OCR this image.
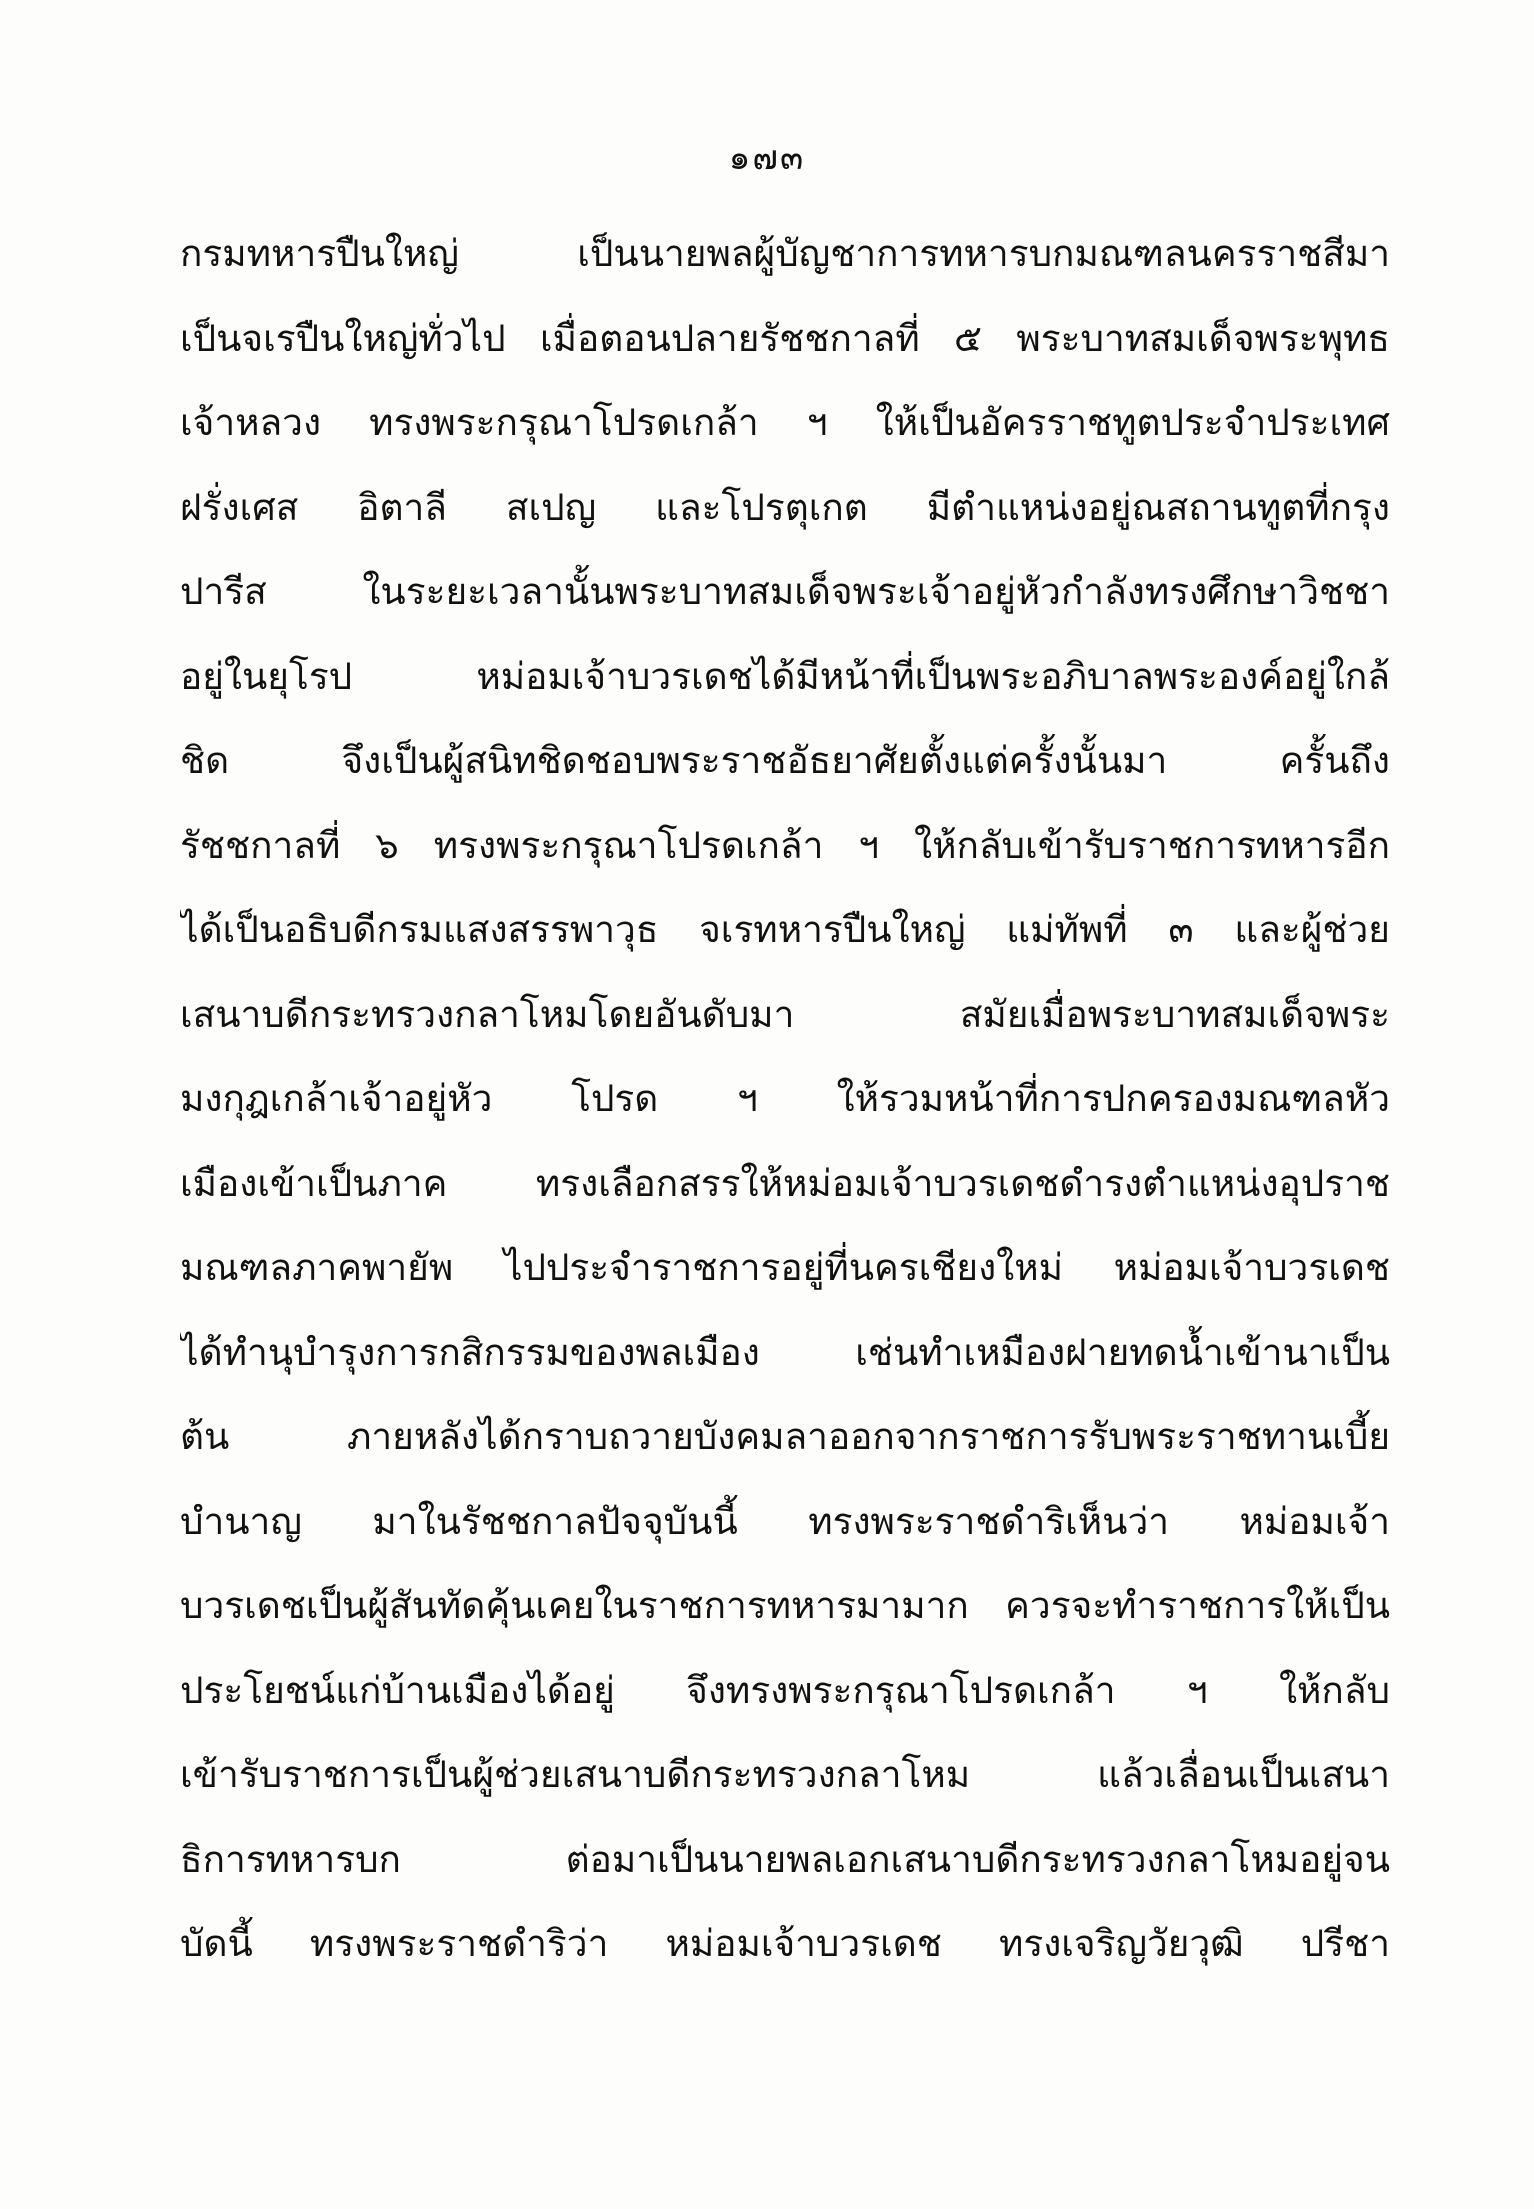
๑๗๓
กรมทหารปืนใหญ่ เป็นนายพลผู้บัญชาการทหารบกมณฑลนครราชสีมา
เป็นจเรปืนใหญ่ทั่วไป เมื่อตอนปลายรัชชกาลที่ ๕ พระบาทสมเด็จพระพุทธ
เจ้าหลวง ทรงพระกรุณาโปรดเกล้า ฯ ให้เป็นอัครราชทูตประจำประเทศ
ฝรั่งเศส อิตาลี สเปญ และโปรตุเกต มีตำแหน่งอยู่ณสถานทูตที่กรุง
ปารีส ในระยะเวลานั้นพระบาทสมเด็จพระเจ้าอยู่หัวกำลังทรงศึกษาวิชชา
อยู่ในยุโรป หม่อมเจ้าบวรเดชได้มีหน้าที่เป็นพระอภิบาลพระองค์อยู่ใกล้
ชิด จึงเป็นผู้สนิทชิดชอบพระราชอัธยาศัยตั้งแต่ครั้งนั้นมา ครั้นถึง
รัชชกาลที่ ๖ ทรงพระกรุณาโปรดเกล้า ฯ ให้กลับเข้ารับราชการทหารอีก
ได้เป็นอธิบดีกรมแสงสรรพาวุธ จเรทหารปืนใหญ่ แม่ทัพที่ ๓ และผู้ช่วย
เสนาบดีกระทรวงกลาโหมโดยอันดับมา สมัยเมื่อพระบาทสมเด็จพระ
มงกุฎเกล้าเจ้าอยู่หัว โปรด ฯ ให้รวมหน้าที่การปกครองมณฑลหัว
เมืองเข้าเป็นภาค ทรงเลือกสรรให้หม่อมเจ้าบวรเดชดำรงตำแหน่งอุปราช
มณฑลภาคพายัพ ไปประจำราชการอยู่ที่นครเชียงใหม่ หม่อมเจ้าบวรเดช
ได้ทำนุบำรุงการกสิกรรมของพลเมือง เช่นทำเหมืองฝายทดน้ำเข้านาเป็น
ต้น ภายหลังได้กราบถวายบังคมลาออกจากราชการรับพระราชทานเบี้ย
บำนาญ มาในรัชชกาลปัจจุบันนี้ ทรงพระราชดำริเห็นว่า หม่อมเจ้า
บวรเดชเป็นผู้สันทัดคุ้นเคยในราชการทหารมามาก ควรจะทำราชการให้เป็น
ประโยชน์แก่บ้านเมืองได้อยู่ จึงทรงพระกรุณาโปรดเกล้า ฯ ให้กลับ
เข้ารับราชการเป็นผู้ช่วยเสนาบดีกระทรวงกลาโหม แล้วเลื่อนเป็นเสนา
ธิการทหารบก ต่อมาเป็นนายพลเอกเสนาบดีกระทรวงกลาโหมอยู่จน
บัดนี้ ทรงพระราชดำริว่า หม่อมเจ้าบวรเดช ทรงเจริญวัยวุฒิ ปรีชา
